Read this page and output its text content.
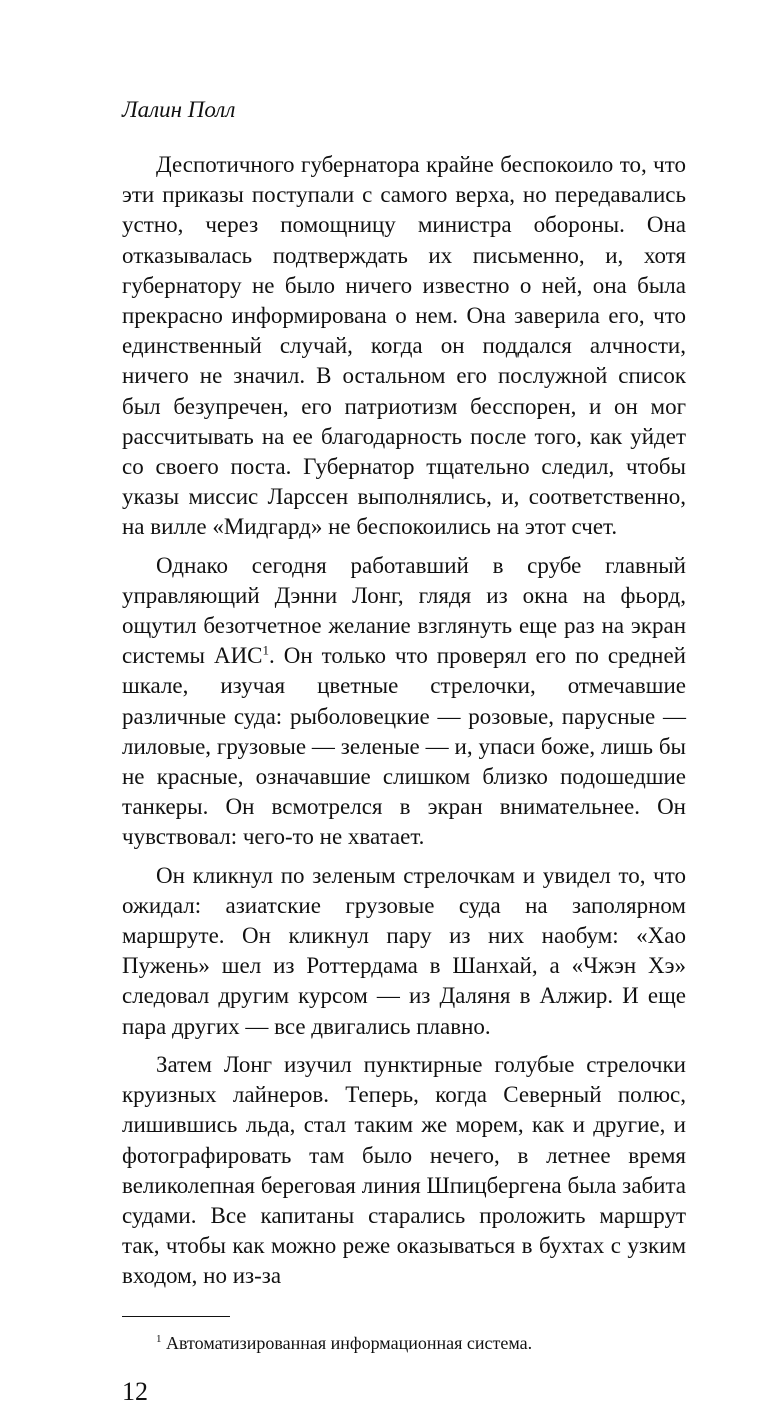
Лалин Полл

Деспотичного губернатора крайне беспокоило то, что эти приказы поступали с самого верха, но передавались устно, через помощницу министра обороны. Она отказывалась подтверждать их письменно, и, хотя губернатору не было ничего известно о ней, она была прекрасно информирована о нем. Она заверила его, что единственный случай, когда он поддался алчности, ничего не значил. В остальном его послужной список был безупречен, его патриотизм бесспорен, и он мог рассчитывать на ее благодарность после того, как уйдет со своего поста. Губернатор тщательно следил, чтобы указы миссис Ларссен выполнялись, и, соответственно, на вилле «Мидгард» не беспокоились на этот счет.

Однако сегодня работавший в срубе главный управляющий Дэнни Лонг, глядя из окна на фьорд, ощутил безотчетное желание взглянуть еще раз на экран системы АИС$^1$. Он только что проверял его по средней шкале, изучая цветные стрелочки, отмечавшие различные суда: рыболовецкие — розовые, парусные — лиловые, грузовые — зеленые — и, упаси боже, лишь бы не красные, означавшие слишком близко подошедшие танкеры. Он всмотрелся в экран внимательнее. Он чувствовал: чего-то не хватает.

Он кликнул по зеленым стрелочкам и увидел то, что ожидал: азиатские грузовые суда на заполярном маршруте. Он кликнул пару из них наобум: «Хао Пужень» шел из Роттердама в Шанхай, а «Чжэн Хэ» следовал другим курсом — из Даляня в Алжир. И еще пара других — все двигались плавно.

Затем Лонг изучил пунктирные голубые стрелочки круизных лайнеров. Теперь, когда Северный полюс, лишившись льда, стал таким же морем, как и другие, и фотографировать там было нечего, в летнее время великолепная береговая линия Шпицбергена была забита судами. Все капитаны старались проложить маршрут так, чтобы как можно реже оказываться в бухтах с узким входом, но из-за

$^1$ Автоматизированная информационная система.

12
